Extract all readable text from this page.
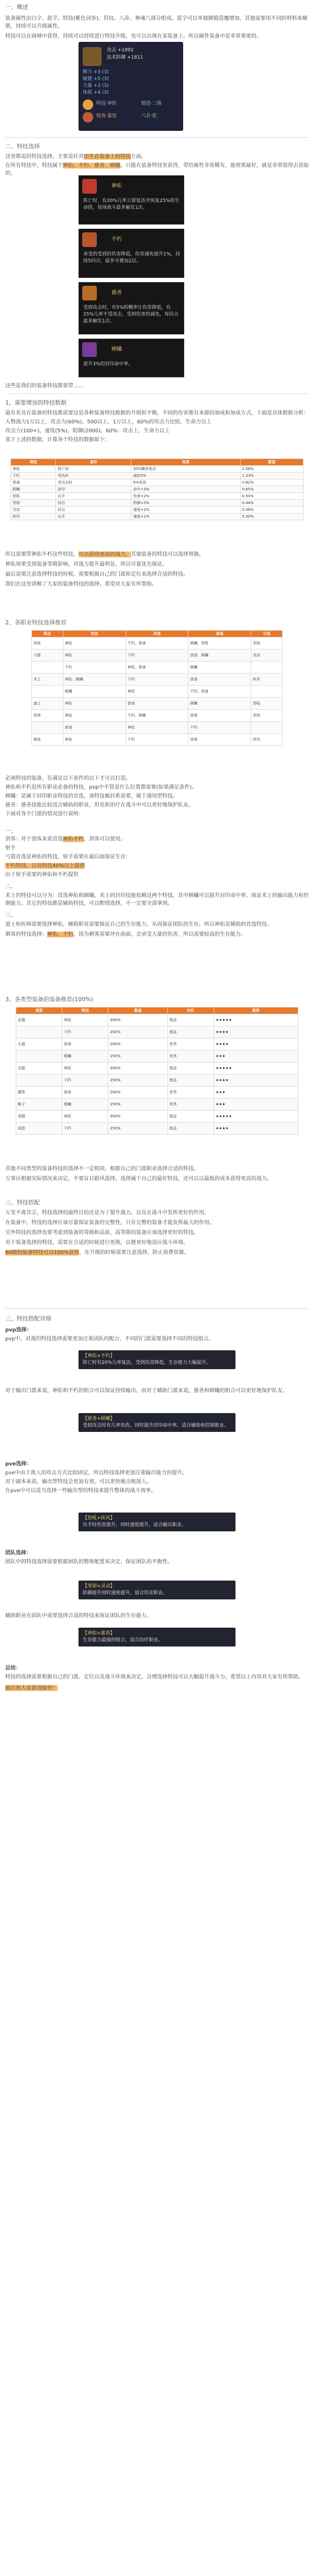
一、概述

装备属性由白字、蓝字、特技(紫色词条)、符纹、八卦、神魂八部分组成，蓝字可以单独额锻造覆增加，其他需要用不同的材料来解锁，持续可以升级属性。

特技可以在商城中获得，持续可以持续进行特技升级，也可以出现在某装备上。所以属性装备中是非常重要的。

攻击 +1892
法术防御 +1811
精力 +3 (3)
敏捷 +5 (3)
力量 +3 (3)
体质 +4 (3)
特技·神佑
特效·暴怒
锻造·二级
八卦·乾
二、特技选择

这里都说的特技选择，主要是针对出生在装备上的特技方面。

在所有特技中，特技属于神佑、不朽、慈善、顾曦。只能在装备特技里获得，带给属性非常稀有，能效果最好，就是非常值得去获取的。

神佑
阵亡时，有20%几率立即复活并恢复25%的生命值，每场战斗最多触发1次。
不朽
承受的受到的伤害降低，伤害减免提升1%，持续5回合，最多可叠加2层。
慈善
受到攻击时，有5%的概率让伤害降低，有25%几率不受攻击，受到伤害的减免，每回合最多触发1次。
顾曦
提升3%的封印命中率。

这些是我们的装备特技都要带……

1、需要增加的特技数据

最有名及在装备的特技都需要这是各种装备特技数据的升级和平衡，不同的伤害都有来源的加成和加成方式，下面是具体数据分析：

人物战力1万以上，攻击力(60%)，500以上，1万以上，60%的攻击力比较，生命力以上

攻击力(100+)，速度(5%)，防御(2000)，60%：攻击上，生命力以上

基于上述的数据，计算各个特技的数据如下：

特技	条件	效果	数值
神佑	阵亡时	20%概率复活	2.08%
不朽	受伤时	减伤5%	1.33%
慈善	受攻击时	5%免伤	0.82%
顾曦	封印	命中+3%	0.65%
怒吼	出手	伤害+2%	0.50%
坚韧	回合	防御+3%	0.44%
灵动	回合	速度+2%	0.38%
疾风	出手	速度+1%	0.30%

所以需要带神佑不朽这些特技，可以获得更高的战力，其他装备的特技可以选择替换。

神佑效果受到装备等级影响，对战力提升最明显，所以尽量优先保证。

最后需要注意选择特技的时候，需要根据自己的门派和定位来选择合适的特技。

我们在这里讲解了大家的装备特技的选择，希望对大家有所帮助。

2、各职业特技选择推荐
职业	首选	次选	备选	可选
剑客	神佑	不朽、慈善	顾曦、怒吼	坚韧
弓箭	神佑	不朽	慈善、顾曦	灵动
	不朽	神佑、慈善	顾曦	
术士	神佑、顾曦	不朽	慈善	疾风
	顾曦	神佑	不朽、慈善	
道士	神佑	慈善	顾曦	怒吼
医师	神佑	不朽、顾曦	慈善	坚韧
	慈善	神佑	不朽	
刺客	神佑	不朽	慈善	疾风

必须特技的装备，有满足以下条件的以下才可以打造。

神佑和不朽是所有职业必备的特技，pvp中不管是什么位置都需要(如果满足条件)。

顾曦：是属于封印职业特技的首选，该特技被封系需要，属于通用型特技。

慈善：慈善技能比较适合辅助的职业，坦克和治疗在战斗中可以更好地保护队友。

下面对各个门派的情况进行说明：

一、

剑客：对于剑客来说首选神佑不朽，剑客可以使用。

射手

弓箭首选是神佑的特技，射手需要在最后面保证生存：

不朽特技，以及特技40%以上提供

由于射手需要的神佑和不朽提供

二、

术士的特技可以分为：首选神佑和顾曦，术士的封印技能依赖这两个特技，其中顾曦可以提升封印命中率，保证术士的输出能力和控制能力。其它的特技都是辅助特技，可以酌情选择，不一定要全部拿到。

三、

道士和医师需要选择神佑，辅助职业需要保证自己的生存能力，从而保证团队的生存，所以神佑是辅助的首选特技。

刺客的特技选择：神佑，不朽，因为刺客需要冲在前面，会承受大量的伤害，所以需要较高的生存能力。

3、各类型装备的装备推荐(100%)
类型	特技	数值	评价	推荐
武器	神佑	300%	极品	★★★★★
	不朽	250%	极品	★★★★
头盔	慈善	200%	优秀	★★★★
	顾曦	150%	优秀	★★★
衣服	神佑	300%	极品	★★★★★
	不朽	250%	极品	★★★★
腰带	慈善	200%	优秀	★★★
鞋子	顾曦	150%	优秀	★★★
项链	神佑	300%	极品	★★★★★
戒指	不朽	250%	极品	★★★★

其他不同类型的装备特技的选择不一定相同，根据自己的门派职业选择合适的特技。

万事应根据实际情况来决定，不要盲目跟风选择，选择属于自己的最好特技，还可以以最低的成本获得更高的战力。

三、特技搭配

万变不离其宗，特技选择的最终目的还是为了提升战力，以及在战斗中发挥更好的作用。

在装备中，特技的选择应该尽量保证装备的完整性，只有完整的装备才能发挥最大的作用。

另外特技的选择也要考虑到装备的等级和品质，高等级的装备应该选择更好的特技。

对于装备选择的特技，需要在合适的时候进行更换，以便更好地适应战斗环境。

60级的装备特技可以100%获得，在升级的时候需要注意选择，防止浪费资源。

三、特技搭配详细

pvp选择：

pvp中，对战的特技选择需要更加注重团队的配合，不同的门派需要选择不同的特技组合。

【神佑+不朽】
阵亡时有20%几率复活，受到伤害降低，生存能力大幅提升。

对于输出门派来说，神佑和不朽的组合可以保证持续输出，而对于辅助门派来说，慈善和顾曦的组合可以更好地保护队友。

【慈善+顾曦】
受到攻击时有几率免伤，同时提升封印命中率，适合辅助和控制职业。

pve选择：

pve中由于敌人的攻击方式比较固定，所以特技选择更加注重输出能力的提升。

对于副本来说，输出型特技会更加有效，可以更快地击败敌人。

在pve中可以适当选择一些输出型的特技来提升整体的战斗效率。

【怒吼+疾风】
出手时伤害提升，同时速度提升，适合输出职业。

团队选择：

团队中的特技选择需要根据团队的整体配置来决定，保证团队的平衡性。

【坚韧+灵动】
防御提升同时速度提升，适合坦克职业。

辅助职业在团队中需要选择合适的特技来保证团队的生存能力。

【神佑+慈善】
生存能力最强的组合，适合治疗职业。

总结：

特技的选择需要根据自己的门派、定位以及战斗环境来决定，合理选择特技可以大幅提升战斗力。希望以上内容对大家有所帮助。

最后祝大家游戏愉快！
